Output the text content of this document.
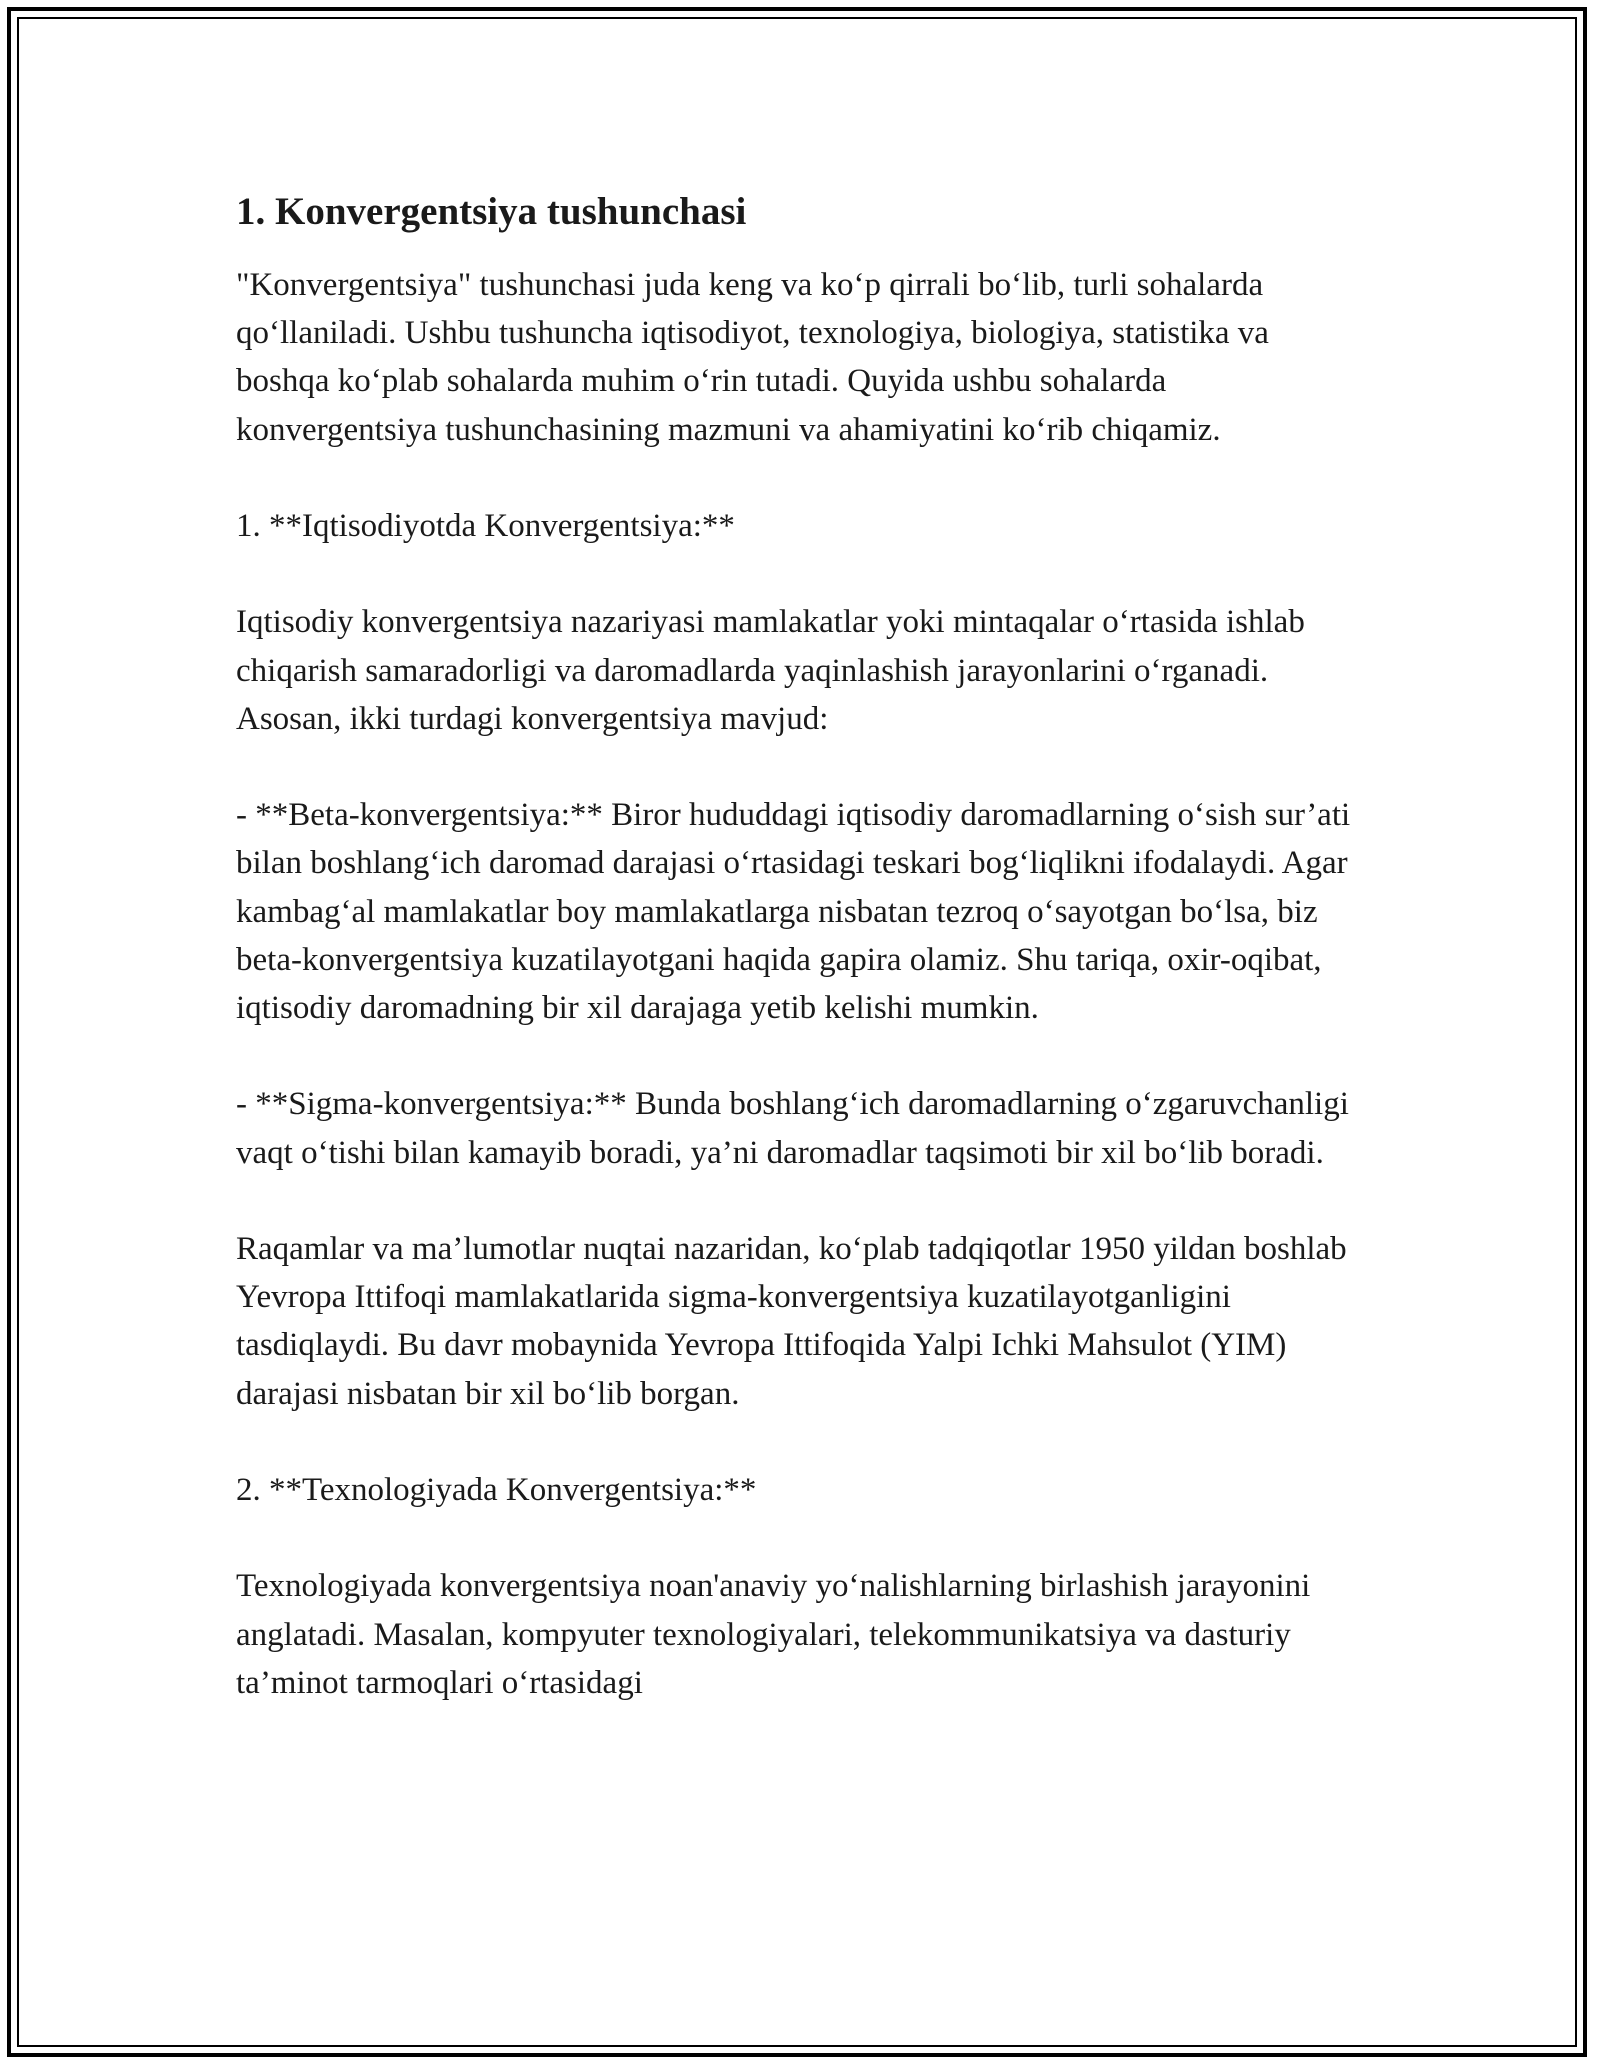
1. Konvergentsiya tushunchasi

"Konvergentsiya" tushunchasi juda keng va ko‘p qirrali bo‘lib, turli sohalarda qo‘llaniladi. Ushbu tushuncha iqtisodiyot, texnologiya, biologiya, statistika va boshqa ko‘plab sohalarda muhim o‘rin tutadi. Quyida ushbu sohalarda konvergentsiya tushunchasining mazmuni va ahamiyatini ko‘rib chiqamiz.

1. **Iqtisodiyotda Konvergentsiya:**

Iqtisodiy konvergentsiya nazariyasi mamlakatlar yoki mintaqalar o‘rtasida ishlab chiqarish samaradorligi va daromadlarda yaqinlashish jarayonlarini o‘rganadi. Asosan, ikki turdagi konvergentsiya mavjud:

- **Beta-konvergentsiya:** Biror hududdagi iqtisodiy daromadlarning o‘sish sur’ati bilan boshlang‘ich daromad darajasi o‘rtasidagi teskari bog‘liqlikni ifodalaydi. Agar kambag‘al mamlakatlar boy mamlakatlarga nisbatan tezroq o‘sayotgan bo‘lsa, biz beta-konvergentsiya kuzatilayotgani haqida gapira olamiz. Shu tariqa, oxir-oqibat, iqtisodiy daromadning bir xil darajaga yetib kelishi mumkin.

- **Sigma-konvergentsiya:** Bunda boshlang‘ich daromadlarning o‘zgaruvchanligi vaqt o‘tishi bilan kamayib boradi, ya’ni daromadlar taqsimoti bir xil bo‘lib boradi.

Raqamlar va ma’lumotlar nuqtai nazaridan, ko‘plab tadqiqotlar 1950 yildan boshlab Yevropa Ittifoqi mamlakatlarida sigma-konvergentsiya kuzatilayotganligini tasdiqlaydi. Bu davr mobaynida Yevropa Ittifoqida Yalpi Ichki Mahsulot (YIM) darajasi nisbatan bir xil bo‘lib borgan.

2. **Texnologiyada Konvergentsiya:**

Texnologiyada konvergentsiya noan'anaviy yo‘nalishlarning birlashish jarayonini anglatadi. Masalan, kompyuter texnologiyalari, telekommunikatsiya va dasturiy ta’minot tarmoqlari o‘rtasidagi
